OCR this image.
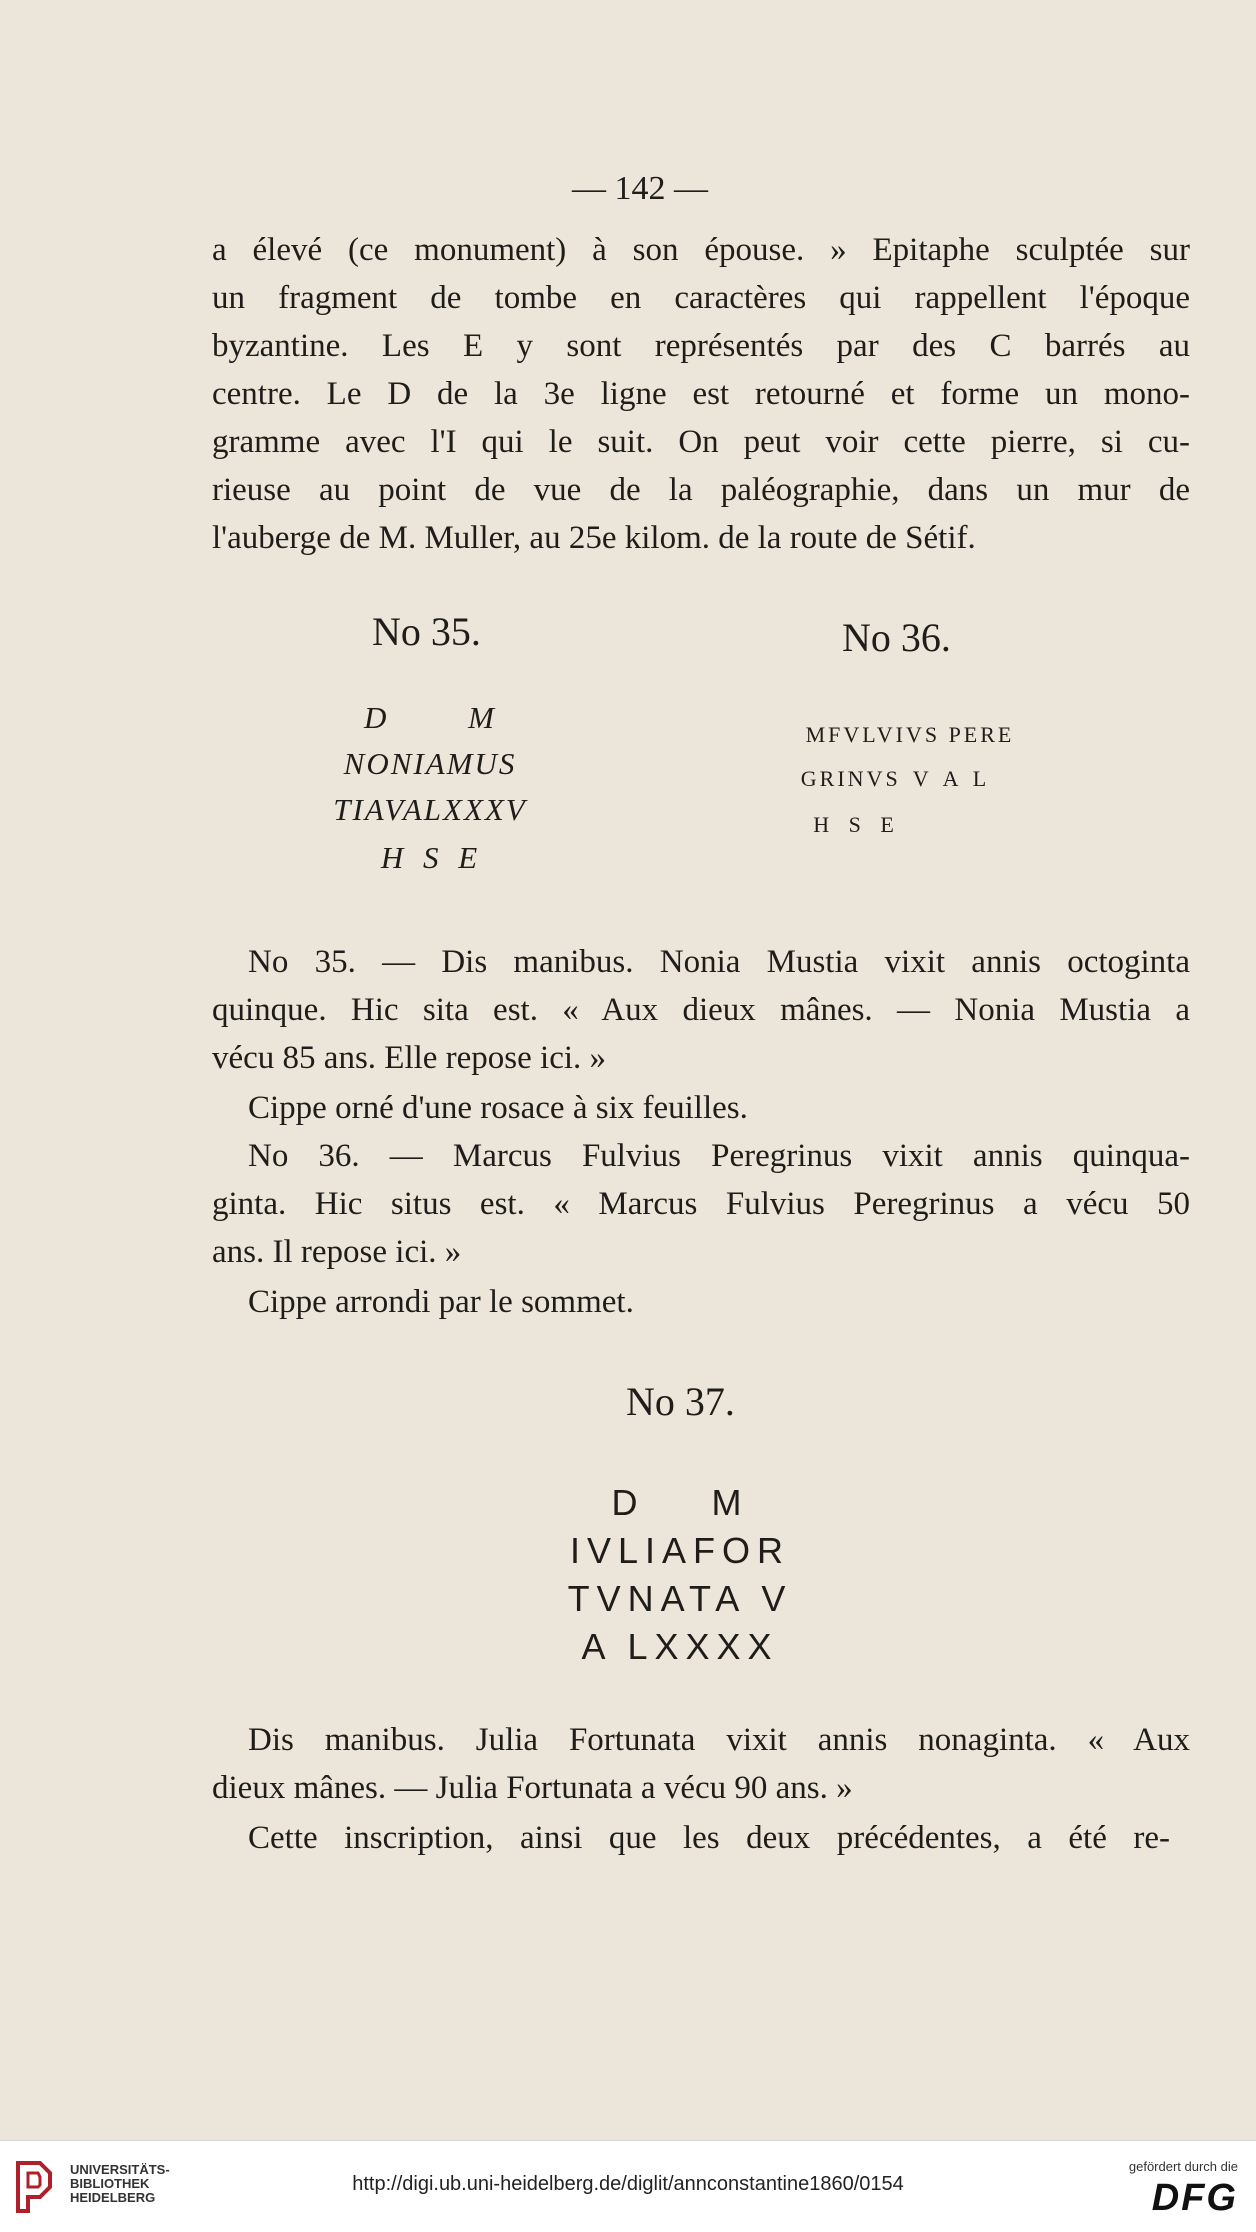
— 142 —
a élevé (ce monument) à son épouse. » Epitaphe sculptée sur
un fragment de tombe en caractères qui rappellent l'époque
byzantine. Les E y sont représentés par des C barrés au
centre. Le D de la 3e ligne est retourné et forme un mono-
gramme avec l'I qui le suit. On peut voir cette pierre, si cu-
rieuse au point de vue de la paléographie, dans un mur de
l'auberge de M. Muller, au 25e kilom. de la route de Sétif.
No 35.	No 36.
D M
NONIAMUS
TIAVALXXXV
H S E
MFVLVIVS PERE
GRINVS V A L
H S E
No 35. — Dis manibus. Nonia Mustia vixit annis octoginta
quinque. Hic sita est. « Aux dieux mânes. — Nonia Mustia a
vécu 85 ans. Elle repose ici. »
Cippe orné d'une rosace à six feuilles.
No 36. — Marcus Fulvius Peregrinus vixit annis quinqua-
ginta. Hic situs est. « Marcus Fulvius Peregrinus a vécu 50
ans. Il repose ici. »
Cippe arrondi par le sommet.
No 37.
D M
IVLIAFOR
TVNATA V
A LXXXX
Dis manibus. Julia Fortunata vixit annis nonaginta. « Aux
dieux mânes. — Julia Fortunata a vécu 90 ans. »
Cette inscription, ainsi que les deux précédentes, a été re-
UNIVERSITÄTS- BIBLIOTHEK HEIDELBERG
http://digi.ub.uni-heidelberg.de/diglit/annconstantine1860/0154
gefördert durch die
DFG
